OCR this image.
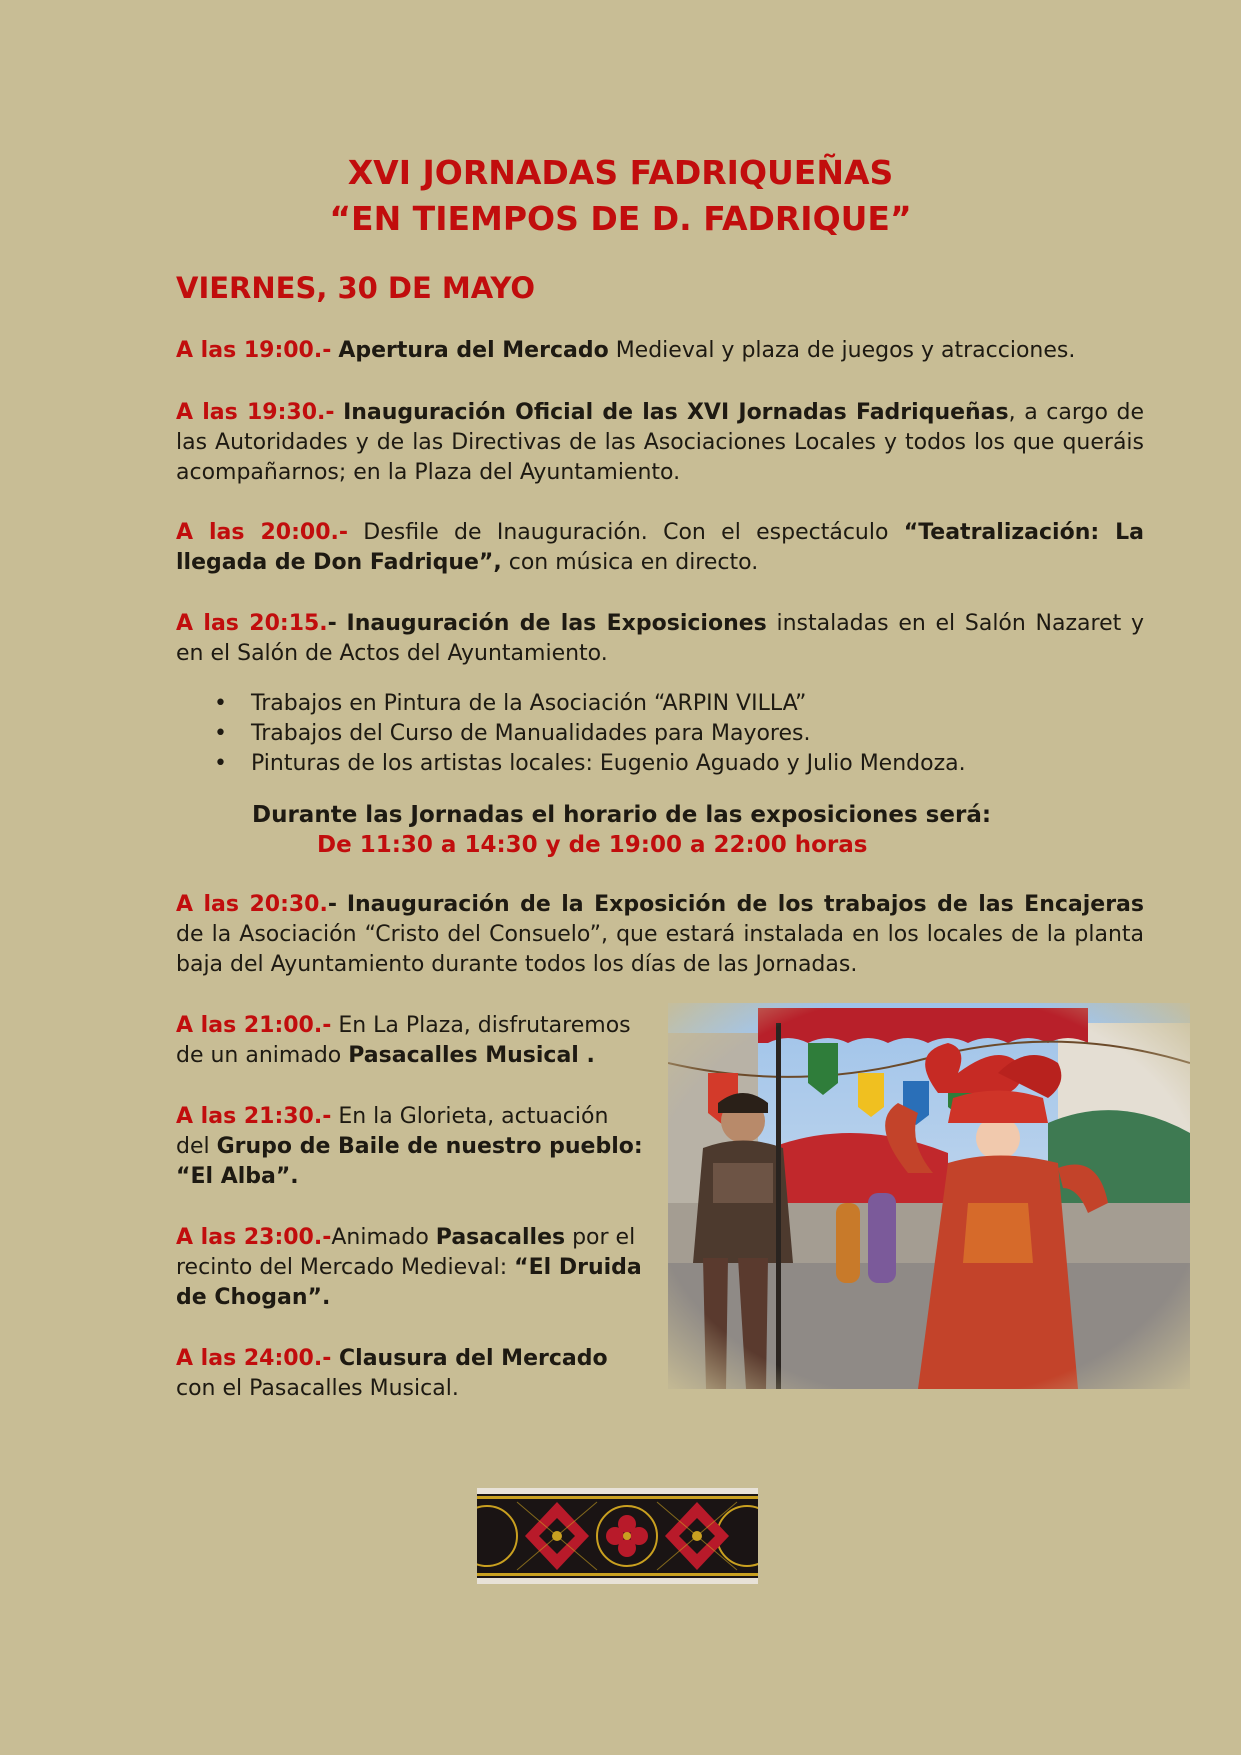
XVI JORNADAS FADRIQUEÑAS
“EN TIEMPOS DE D. FADRIQUE”
VIERNES, 30 DE MAYO

A las 19:00.- Apertura del Mercado Medieval y plaza de juegos y atracciones.

A las 19:30.- Inauguración Oficial de las XVI Jornadas Fadriqueñas, a cargo de las Autoridades y de las Directivas de las Asociaciones Locales y todos los que queráis acompañarnos; en la Plaza del Ayuntamiento.

A las 20:00.- Desfile de Inauguración. Con el espectáculo “Teatralización: La llegada de Don Fadrique”, con música en directo.

A las 20:15.- Inauguración de las Exposiciones instaladas en el Salón Nazaret y en el Salón de Actos del Ayuntamiento.

• Trabajos en Pintura de la Asociación “ARPIN VILLA”
• Trabajos del Curso de Manualidades para Mayores.
• Pinturas de los artistas locales: Eugenio Aguado y Julio Mendoza.

Durante las Jornadas el horario de las exposiciones será:

De 11:30 a 14:30 y de 19:00 a 22:00 horas

A las 20:30.- Inauguración de la Exposición de los trabajos de las Encajeras de la Asociación “Cristo del Consuelo”, que estará instalada en los locales de la planta baja del Ayuntamiento durante todos los días de las Jornadas.

A las 21:00.- En La Plaza, disfrutaremos de un animado Pasacalles Musical .

A las 21:30.- En la Glorieta, actuación del Grupo de Baile de nuestro pueblo: “El Alba”.

A las 23:00.-Animado Pasacalles por el recinto del Mercado Medieval: “El Druida de Chogan”.

A las 24:00.- Clausura del Mercado
con el Pasacalles Musical.
